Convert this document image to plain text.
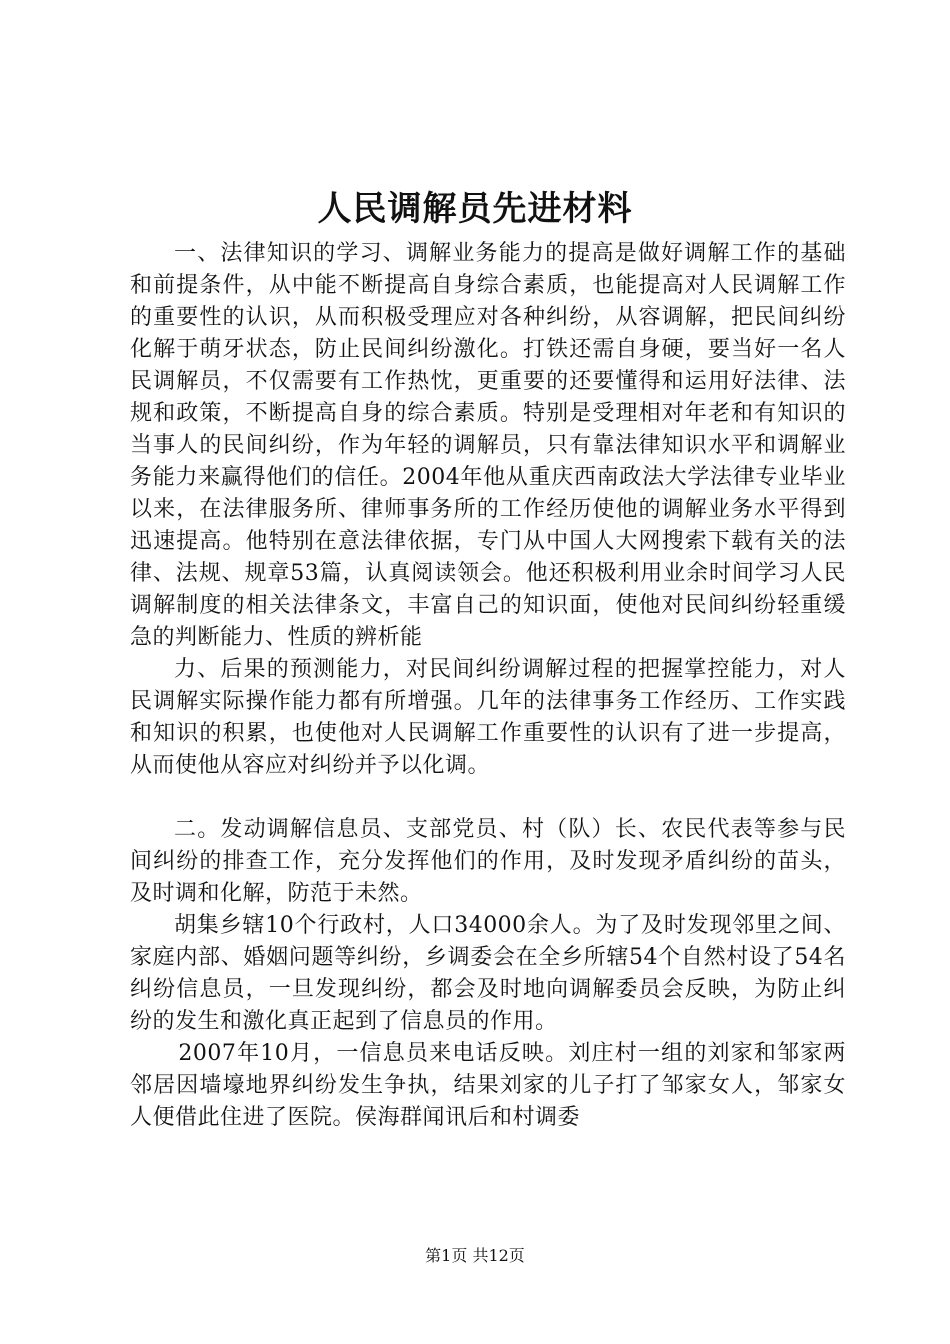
人民调解员先进材料

一、法律知识的学习、调解业务能力的提高是做好调解工作的基础和前提条件，从中能不断提高自身综合素质，也能提高对人民调解工作的重要性的认识，从而积极受理应对各种纠纷，从容调解，把民间纠纷化解于萌牙状态，防止民间纠纷激化。打铁还需自身硬，要当好一名人民调解员，不仅需要有工作热忱，更重要的还要懂得和运用好法律、法规和政策，不断提高自身的综合素质。特别是受理相对年老和有知识的当事人的民间纠纷，作为年轻的调解员，只有靠法律知识水平和调解业务能力来赢得他们的信任。2004年他从重庆西南政法大学法律专业毕业以来，在法律服务所、律师事务所的工作经历使他的调解业务水平得到迅速提高。他特别在意法律依据，专门从中国人大网搜索下载有关的法律、法规、规章53篇，认真阅读领会。他还积极利用业余时间学习人民调解制度的相关法律条文，丰富自己的知识面，使他对民间纠纷轻重缓急的判断能力、性质的辨析能

力、后果的预测能力，对民间纠纷调解过程的把握掌控能力，对人民调解实际操作能力都有所增强。几年的法律事务工作经历、工作实践和知识的积累，也使他对人民调解工作重要性的认识有了进一步提高，从而使他从容应对纠纷并予以化调。

二。发动调解信息员、支部党员、村（队）长、农民代表等参与民间纠纷的排查工作，充分发挥他们的作用，及时发现矛盾纠纷的苗头，及时调和化解，防范于未然。

胡集乡辖10个行政村，人口34000余人。为了及时发现邻里之间、家庭内部、婚姻问题等纠纷，乡调委会在全乡所辖54个自然村设了54名纠纷信息员，一旦发现纠纷，都会及时地向调解委员会反映，为防止纠纷的发生和激化真正起到了信息员的作用。

2007年10月，一信息员来电话反映。刘庄村一组的刘家和邹家两邻居因墙壕地界纠纷发生争执，结果刘家的儿子打了邹家女人，邹家女人便借此住进了医院。侯海群闻讯后和村调委

第1页 共12页
